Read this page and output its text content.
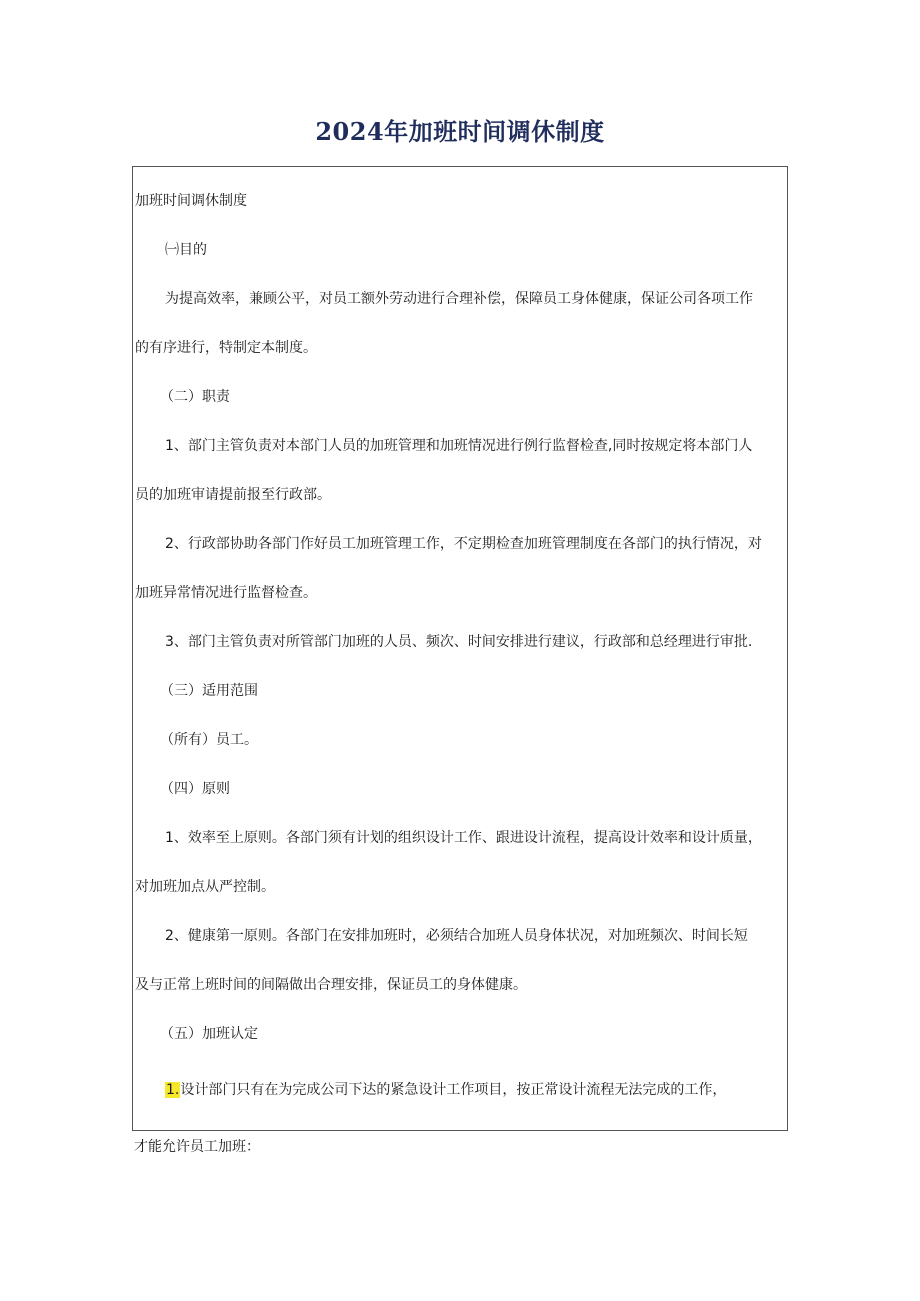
2024年加班时间调休制度
加班时间调休制度
㈠目的
为提高效率，兼顾公平，对员工额外劳动进行合理补偿，保障员工身体健康，保证公司各项工作
的有序进行，特制定本制度。
（二）职责
1、部门主管负责对本部门人员的加班管理和加班情况进行例行监督检查,同时按规定将本部门人
员的加班审请提前报至行政部。
2、行政部协助各部门作好员工加班管理工作，不定期检查加班管理制度在各部门的执行情况，对
加班异常情况进行监督检查。
3、部门主管负责对所管部门加班的人员、频次、时间安排进行建议，行政部和总经理进行审批.
（三）适用范围
（所有）员工。
（四）原则
1、效率至上原则。各部门须有计划的组织设计工作、跟进设计流程，提高设计效率和设计质量，
对加班加点从严控制。
2、健康第一原则。各部门在安排加班时，必须结合加班人员身体状况，对加班频次、时间长短
及与正常上班时间的间隔做出合理安排，保证员工的身体健康。
（五）加班认定
1.设计部门只有在为完成公司下达的紧急设计工作项目，按正常设计流程无法完成的工作，
才能允许员工加班：
